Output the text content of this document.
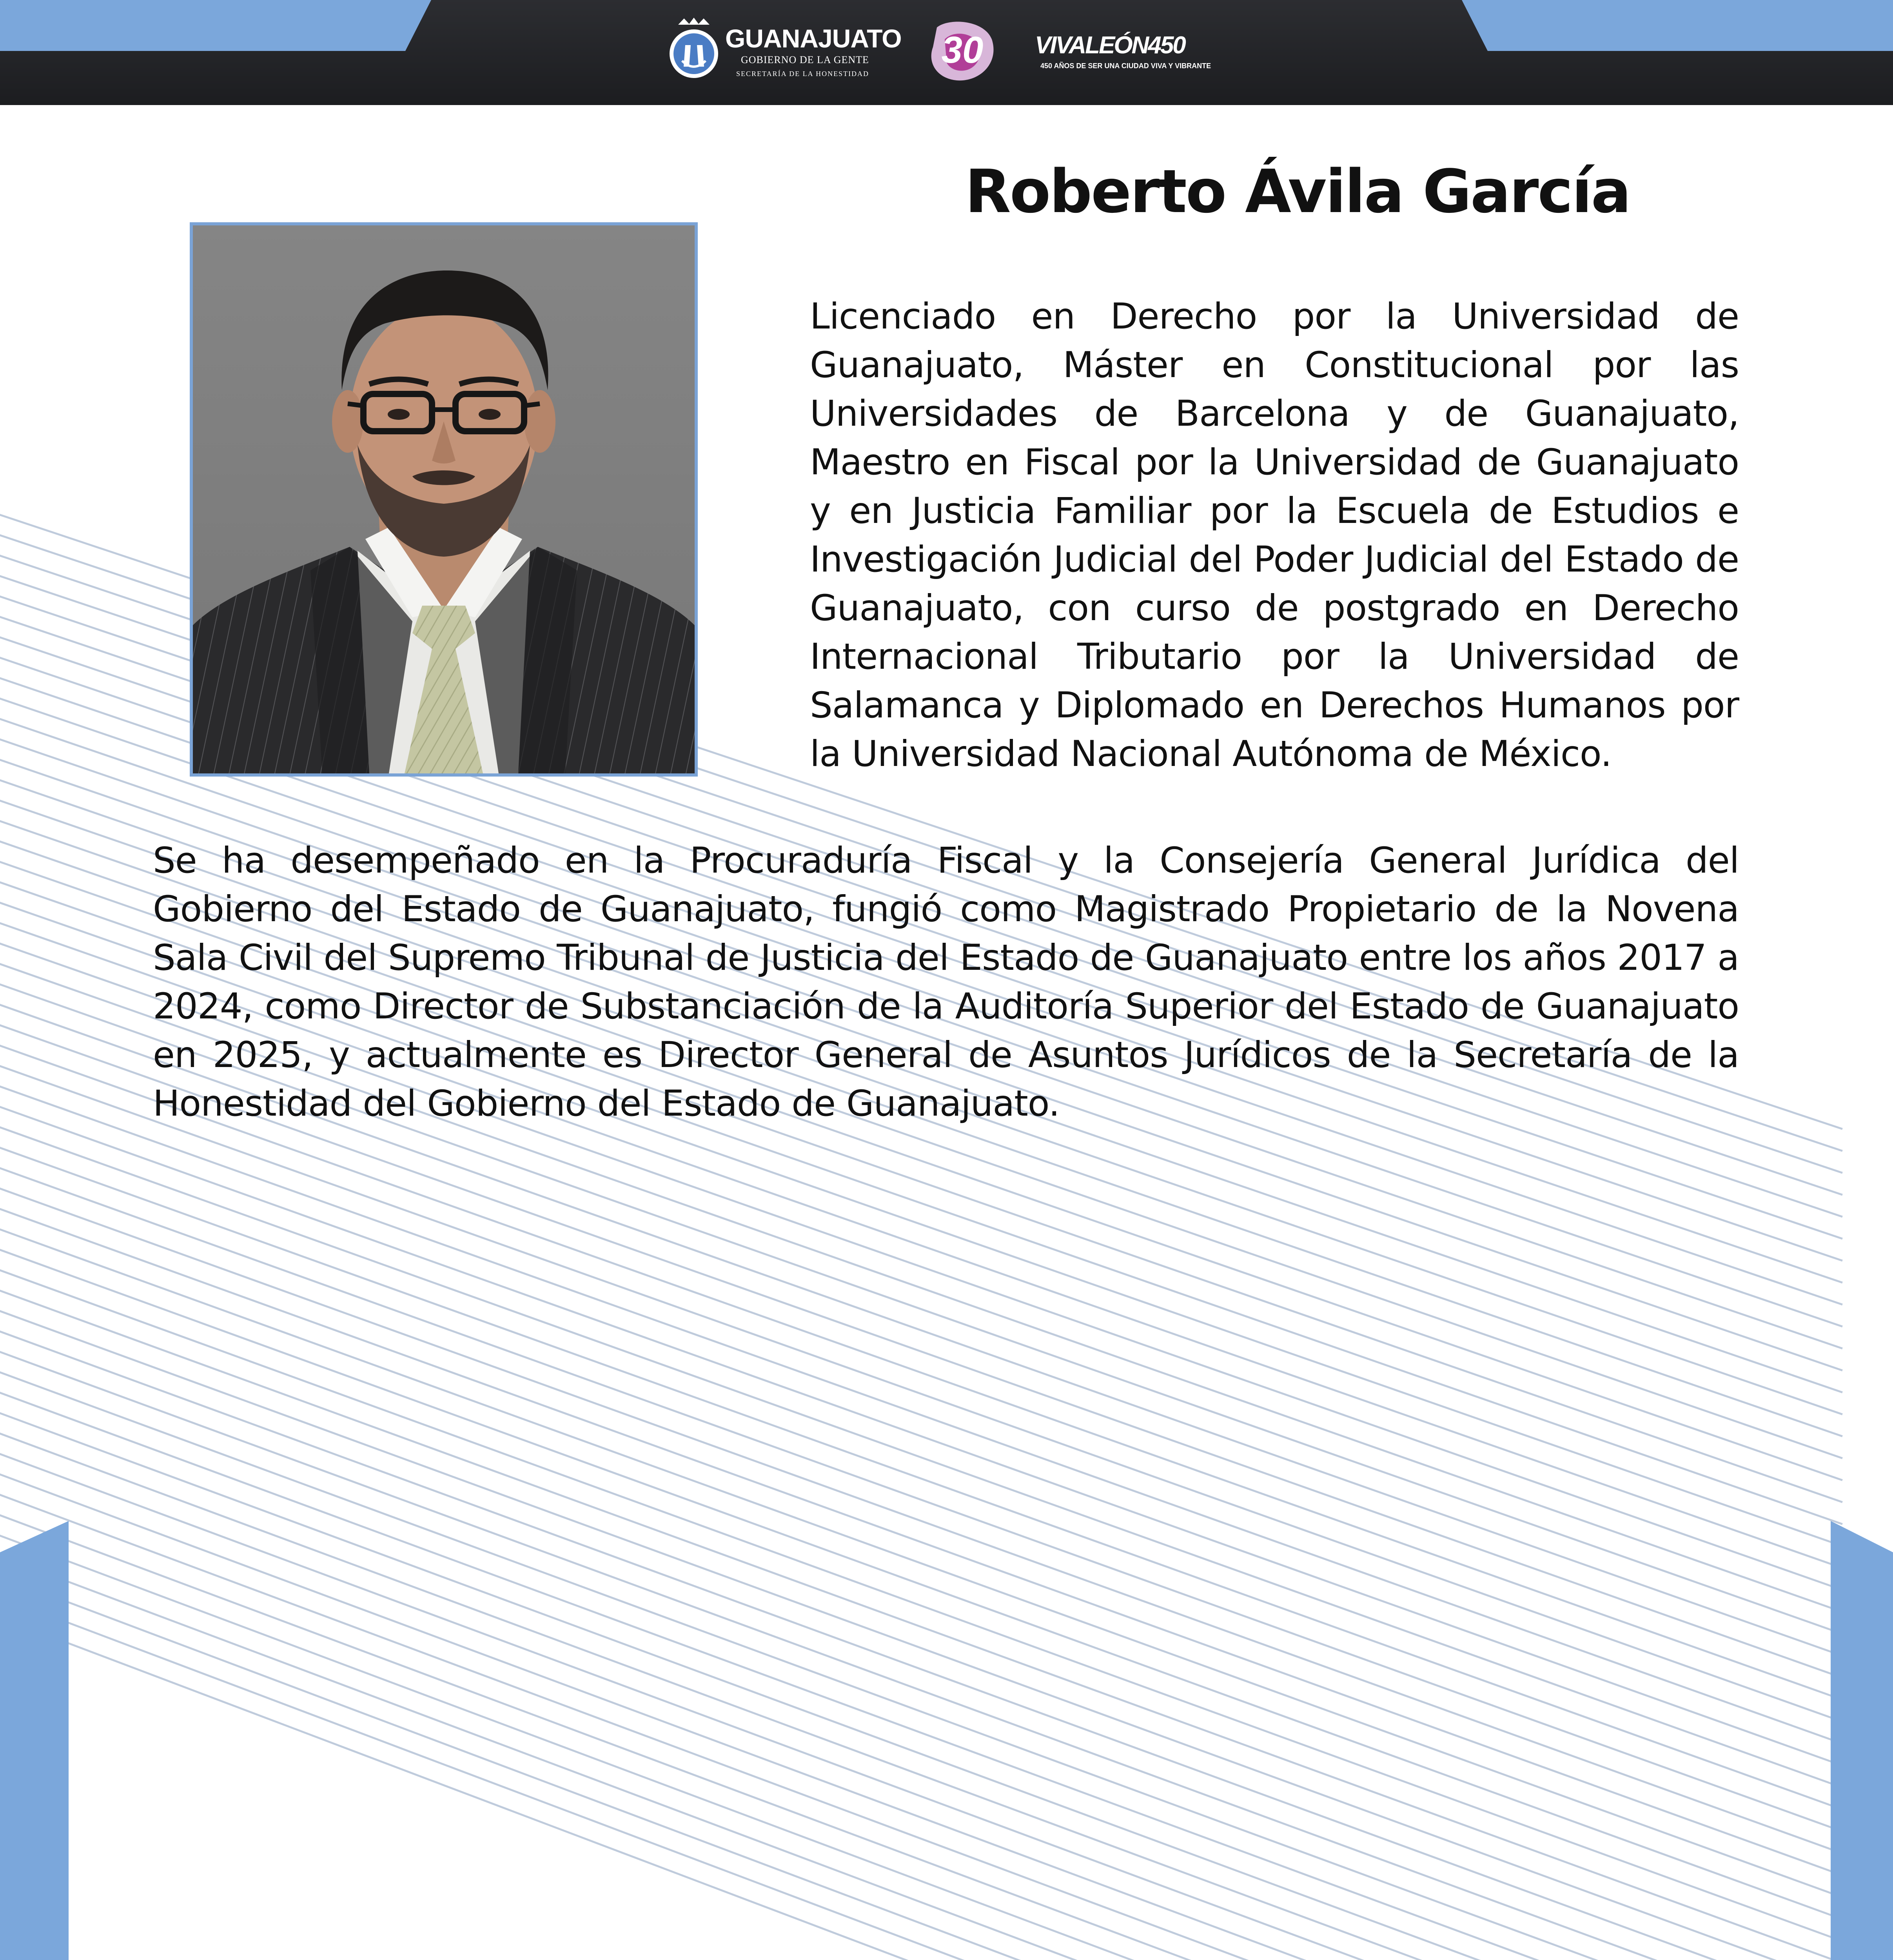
GUANAJUATO
GOBIERNO DE LA GENTE
SECRETARÍA DE LA HONESTIDAD
30 VIVALEÓN450
450 AÑOS DE SER UNA CIUDAD VIVA Y VIBRANTE
Roberto Ávila García
Licenciado en Derecho por la Universidad de Guanajuato, Máster en Constitucional por las Universidades de Barcelona y de Guanajuato, Maestro en Fiscal por la Universidad de Guanajuato y en Justicia Familiar por la Escuela de Estudios e Investigación Judicial del Poder Judicial del Estado de Guanajuato, con curso de postgrado en Derecho Internacional Tributario por la Universidad de Salamanca y Diplomado en Derechos Humanos por la Universidad Nacional Autónoma de México.
Se ha desempeñado en la Procuraduría Fiscal y la Consejería General Jurídica del Gobierno del Estado de Guanajuato, fungió como Magistrado Propietario de la Novena Sala Civil del Supremo Tribunal de Justicia del Estado de Guanajuato entre los años 2017 a 2024, como Director de Substanciación de la Auditoría Superior del Estado de Guanajuato en 2025, y actualmente es Director General de Asuntos Jurídicos de la Secretaría de la Honestidad del Gobierno del Estado de Guanajuato.
